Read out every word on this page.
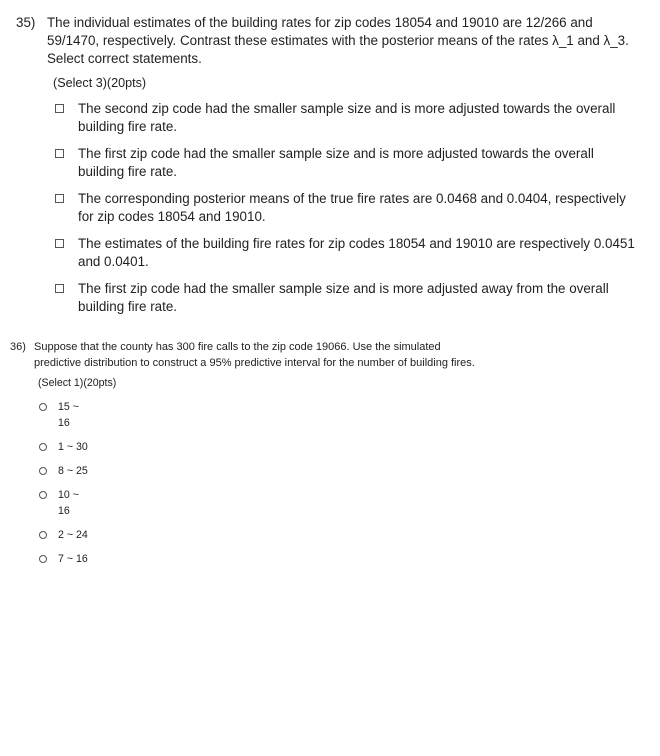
35) The individual estimates of the building rates for zip codes 18054 and 19010 are 12/266 and 59/1470, respectively. Contrast these estimates with the posterior means of the rates λ_1 and λ_3. Select correct statements.
(Select 3)(20pts)
The second zip code had the smaller sample size and is more adjusted towards the overall building fire rate.
The first zip code had the smaller sample size and is more adjusted towards the overall building fire rate.
The corresponding posterior means of the true fire rates are 0.0468 and 0.0404, respectively for zip codes 18054 and 19010.
The estimates of the building fire rates for zip codes 18054 and 19010 are respectively 0.0451 and 0.0401.
The first zip code had the smaller sample size and is more adjusted away from the overall building fire rate.
36) Suppose that the county has 300 fire calls to the zip code 19066. Use the simulated predictive distribution to construct a 95% predictive interval for the number of building fires.
(Select 1)(20pts)
15 ~
16
1 ~ 30
8 ~ 25
10 ~
16
2 ~ 24
7 ~ 16
